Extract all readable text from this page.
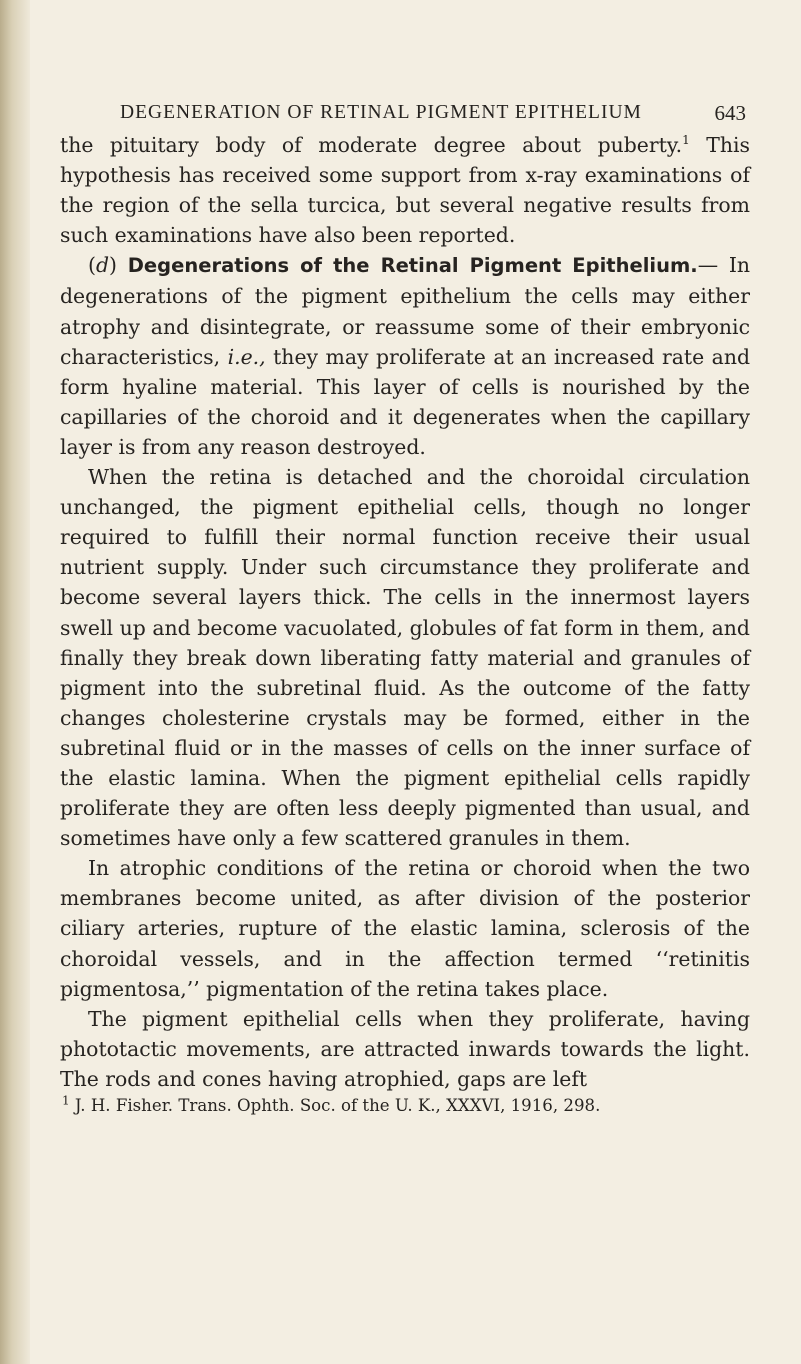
DEGENERATION OF RETINAL PIGMENT EPITHELIUM	643

the pituitary body of moderate degree about puberty.$^1$ This hypothesis has received some support from x-ray examinations of the region of the sella turcica, but several negative results from such examinations have also been reported.

(d) Degenerations of the Retinal Pigment Epithelium.— In degenerations of the pigment epithelium the cells may either atrophy and disintegrate, or reassume some of their embryonic characteristics, i.e., they may proliferate at an increased rate and form hyaline material. This layer of cells is nourished by the capillaries of the choroid and it degenerates when the capillary layer is from any reason destroyed.

When the retina is detached and the choroidal circulation unchanged, the pigment epithelial cells, though no longer required to fulfill their normal function receive their usual nutrient supply. Under such circumstance they proliferate and become several layers thick. The cells in the innermost layers swell up and become vacuolated, globules of fat form in them, and finally they break down liberating fatty material and granules of pigment into the subretinal fluid. As the outcome of the fatty changes cholesterine crystals may be formed, either in the subretinal fluid or in the masses of cells on the inner surface of the elastic lamina. When the pigment epithelial cells rapidly proliferate they are often less deeply pigmented than usual, and sometimes have only a few scattered granules in them.

In atrophic conditions of the retina or choroid when the two membranes become united, as after division of the posterior ciliary arteries, rupture of the elastic lamina, sclerosis of the choroidal vessels, and in the affection termed ‘‘retinitis pigmentosa,’’ pigmentation of the retina takes place.

The pigment epithelial cells when they proliferate, having phototactic movements, are attracted inwards towards the light. The rods and cones having atrophied, gaps are left

$^1$ J. H. Fisher. Trans. Ophth. Soc. of the U. K., XXXVI, 1916, 298.
